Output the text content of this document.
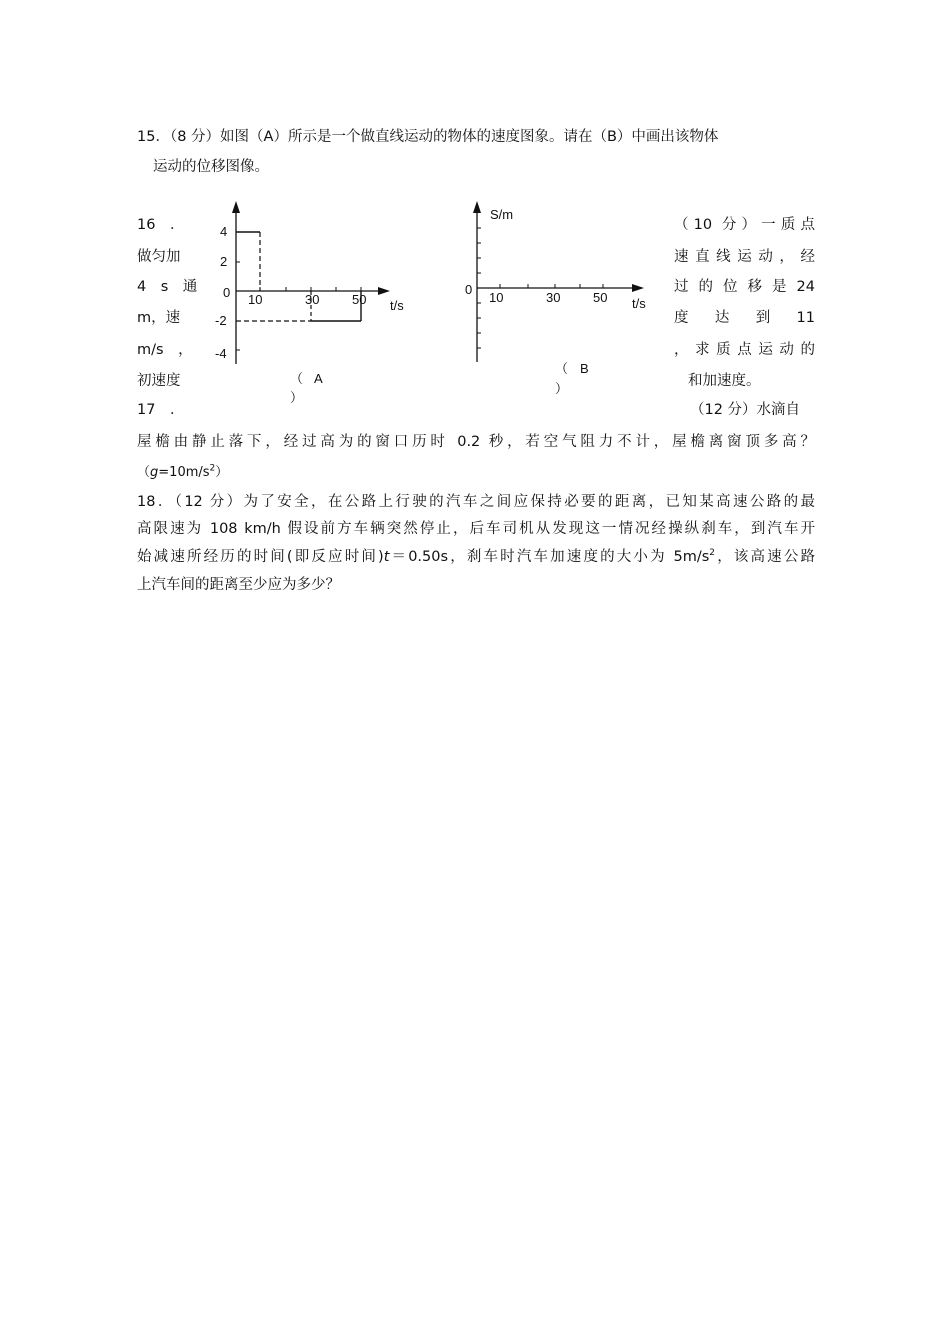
15．（8 分）如图（A）所示是一个做直线运动的物体的速度图象。请在（B）中画出该物体
运动的位移图像。
16　．
做匀加
4　s　通
m，速
m/s　，
初速度
（10 分）一质点
速直线运动，经
过 的 位 移 是 24
度　达　到　11
，求质点运动的
和加速度。
17　．	（12 分）水滴自
屋檐由静止落下，经过高为的窗口历时 0.2 秒，若空气阻力不计，屋檐离窗顶多高？
$(g=10m/s^2)$
18．（12 分）为了安全，在公路上行驶的汽车之间应保持必要的距离，已知某高速公路的最
高限速为 108 km/h 假设前方车辆突然停止，后车司机从发现这一情况经操纵刹车，到汽车开
始减速所经历的时间(即反应时间)t＝0.50s，刹车时汽车加速度的大小为 $5m/s^2$，该高速公路
上汽车间的距离至少应为多少？
4
2
0
-2
-4
10	30	50 t/s
（ A
）
S/m
0
10	30	50 t/s
（ B
）
